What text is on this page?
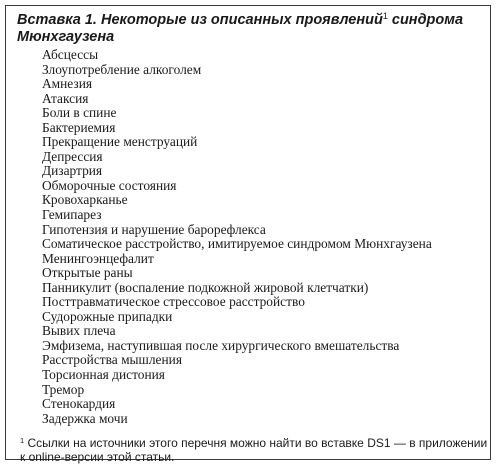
Вставка 1. Некоторые из описанных проявлений$^1$ синдрома Мюнхгаузена

Абсцессы
Злоупотребление алкоголем
Амнезия
Атаксия
Боли в спине
Бактериемия
Прекращение менструаций
Депрессия
Дизартрия
Обморочные состояния
Кровохарканье
Гемипарез
Гипотензия и нарушение барорефлекса
Соматическое расстройство, имитируемое синдромом Мюнхгаузена
Менингоэнцефалит
Открытые раны
Панникулит (воспаление подкожной жировой клетчатки)
Посттравматическое стрессовое расстройство
Судорожные припадки
Вывих плеча
Эмфизема, наступившая после хирургического вмешательства
Расстройства мышления
Торсионная дистония
Тремор
Стенокардия
Задержка мочи

$^1$ Ссылки на источники этого перечня можно найти во вставке DS1 — в приложении к online-версии этой статьи.
